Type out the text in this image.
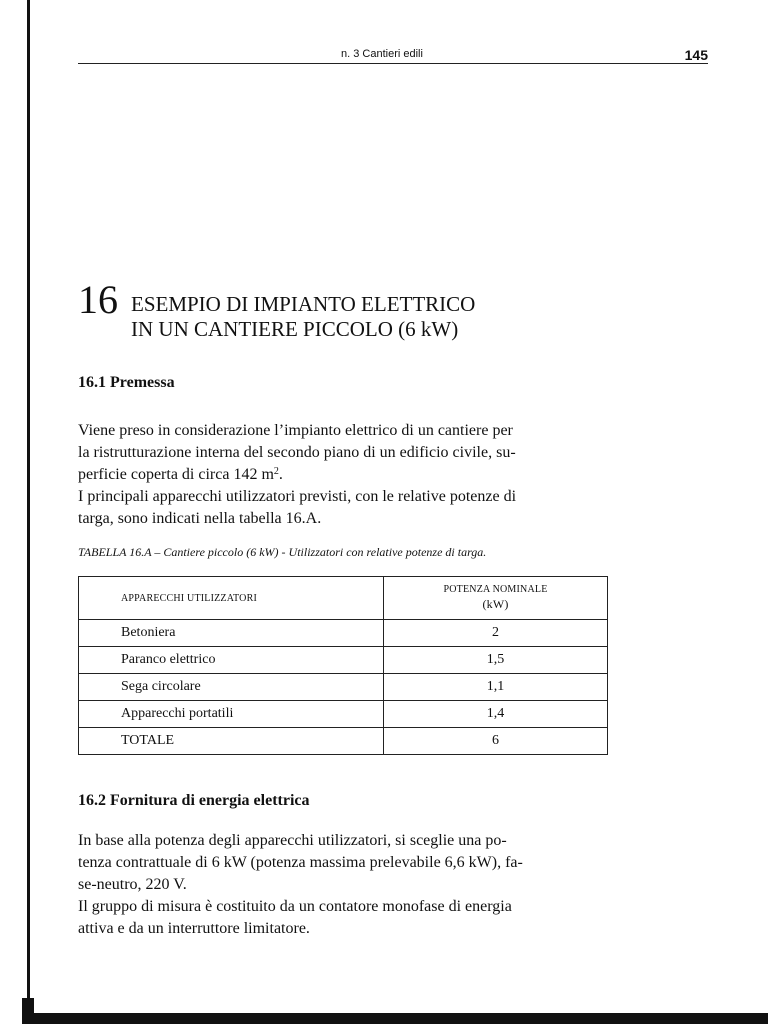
n. 3 Cantieri edili	145
16 ESEMPIO DI IMPIANTO ELETTRICO
IN UN CANTIERE PICCOLO (6 kW)
16.1 Premessa

Viene preso in considerazione l’impianto elettrico di un cantiere per
la ristrutturazione interna del secondo piano di un edificio civile, su-
perficie coperta di circa 142 $m^2$.
I principali apparecchi utilizzatori previsti, con le relative potenze di
targa, sono indicati nella tabella 16.A.

TABELLA 16.A – Cantiere piccolo (6 kW) - Utilizzatori con relative potenze di targa.
APPARECCHI UTILIZZATORI	POTENZA NOMINALE
(kW)

Betoniera	2
Paranco elettrico	1,5
Sega circolare	1,1
Apparecchi portatili	1,4
TOTALE	6
16.2 Fornitura di energia elettrica

In base alla potenza degli apparecchi utilizzatori, si sceglie una po-
tenza contrattuale di 6 kW (potenza massima prelevabile 6,6 kW), fa-
se-neutro, 220 V.
Il gruppo di misura è costituito da un contatore monofase di energia
attiva e da un interruttore limitatore.
